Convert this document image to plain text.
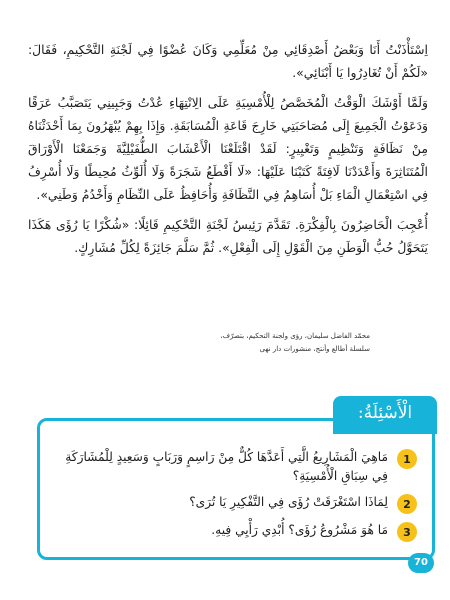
اِسْتَأْذَنْتُ أَنَا وَبَعْضُ أَصْدِقَائِي مِنْ مُعَلِّمِي وَكَانَ عُضْوًا فِي لَجْنَةِ التَّحْكِيمِ، فَقَالَ: «لَكُمْ أَنْ تُغَادِرُوا يَا أَبْنَائِي».

وَلَمَّا أَوْشَكَ الْوَقْتُ الْمُخَصَّصُ لِلْأُمْسِيَةِ عَلَى الِانْتِهَاءِ عُدْتُ وَجَبِينِي يَتَصَبَّبُ عَرَقًا وَدَعَوْتُ الْجَمِيعَ إِلَى مُصَاحَبَتِي خَارِجَ قَاعَةِ الْمُسَابَقَةِ. وَإِذَا بِهِمْ يُبْهَرُونَ بِمَا أَحْدَثْنَاهُ مِنْ نَظَافَةٍ وَتَنْظِيمٍ وَتَغْيِيرٍ: لَقَدْ اقْتَلَعْنَا الْأَعْشَابَ الطُّفَيْلِيَّةَ وَجَمَعْنَا الْأَوْرَاقَ الْمُتَنَاثِرَةَ وَأَعْدَدْنَا لَافِتَةً كَتَبْنَا عَلَيْهَا: «لَا أَقْطَعُ شَجَرَةً وَلَا أُلَوِّثُ مُحِيطًا وَلَا أُسْرِفُ فِي اسْتِعْمَالِ الْمَاءِ بَلْ أُسَاهِمُ فِي النَّظَافَةِ وَأُحَافِظُ عَلَى النِّظَامِ وَأَخْدُمُ وَطَنِي».

أُعْجِبَ الْحَاضِرُونَ بِالْفِكْرَةِ. تَقَدَّمَ رَئِيسُ لَجْنَةِ التَّحْكِيمِ قَائِلًا: «شُكْرًا يَا رُؤَى هَكَذَا يَتَحَوَّلُ حُبُّ الْوَطَنِ مِنَ الْقَوْلِ إِلَى الْفِعْلِ». ثُمَّ سَلَّمَ جَائِزَةً لِكُلِّ مُشَارِكٍ.

محمّد الفاضل سليمان، رؤى ولجنة التحكيم، بتصرّف،
سلسلة أطالع وأنتج، منشورات دار نهى
الْأَسْئِلَةُ:
1
مَاهِيَ الْمَشَارِيعُ الَّتِي أَعَدَّهَا كُلٌّ مِنْ رَاسِمٍ وَرَبَابٍ وَسَعِيدٍ لِلْمُشَارَكَةِ فِي سِبَاقِ الْأُمْسِيَةِ؟
2
لِمَاذَا اسْتَغْرَقَتْ رُؤَى فِي التَّفْكِيرِ يَا تُرَى؟
3
مَا هُوَ مَشْرُوعُ رُؤَى؟ أُبْدِي رَأْيِي فِيهِ.
70
